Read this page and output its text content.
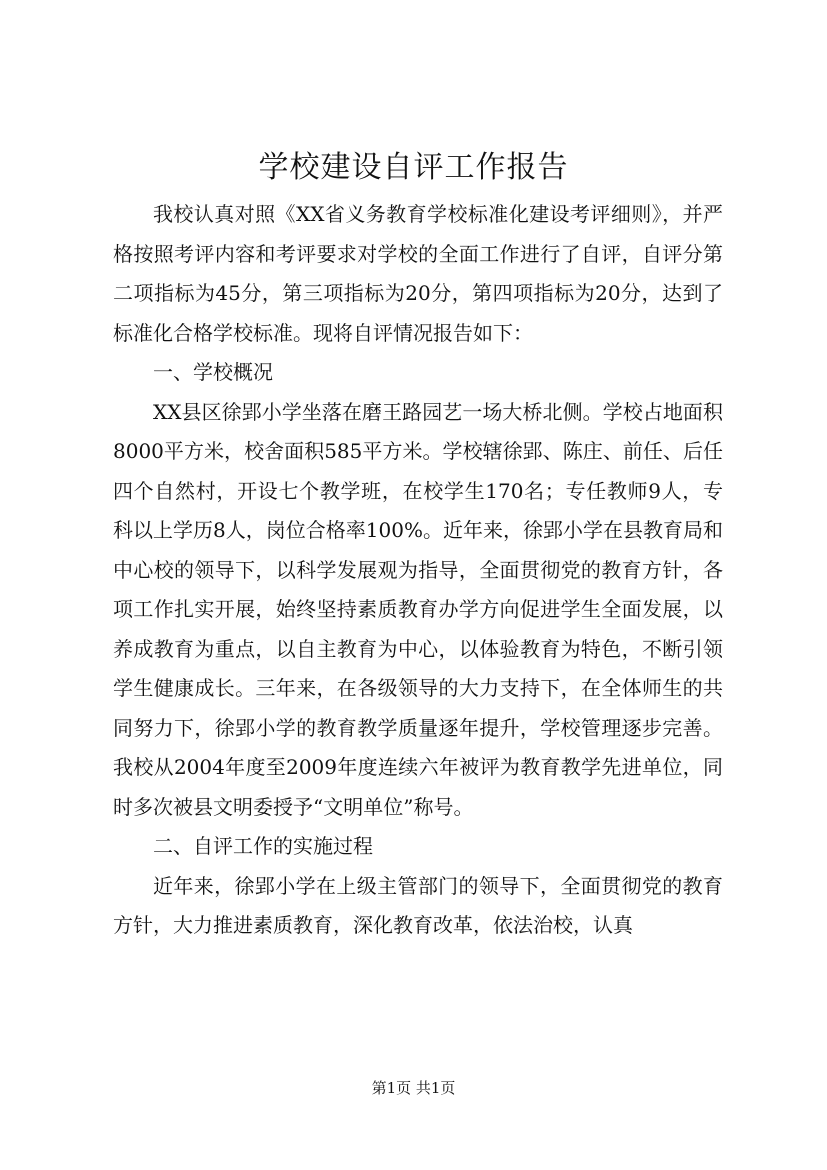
学校建设自评工作报告

我校认真对照《XX省义务教育学校标准化建设考评细则》，并严格按照考评内容和考评要求对学校的全面工作进行了自评，自评分第二项指标为45分，第三项指标为20分，第四项指标为20分，达到了标准化合格学校标准。现将自评情况报告如下：

一、学校概况

XX县区徐郢小学坐落在磨王路园艺一场大桥北侧。学校占地面积8000平方米，校舍面积585平方米。学校辖徐郢、陈庄、前任、后任四个自然村，开设七个教学班，在校学生170名；专任教师9人，专科以上学历8人，岗位合格率100%。近年来，徐郢小学在县教育局和中心校的领导下，以科学发展观为指导，全面贯彻党的教育方针，各项工作扎实开展，始终坚持素质教育办学方向促进学生全面发展，以养成教育为重点，以自主教育为中心，以体验教育为特色，不断引领学生健康成长。三年来，在各级领导的大力支持下，在全体师生的共同努力下，徐郢小学的教育教学质量逐年提升，学校管理逐步完善。我校从2004年度至2009年度连续六年被评为教育教学先进单位，同时多次被县文明委授予“文明单位”称号。

二、自评工作的实施过程

近年来，徐郢小学在上级主管部门的领导下，全面贯彻党的教育方针，大力推进素质教育，深化教育改革，依法治校，认真

第1页 共1页
